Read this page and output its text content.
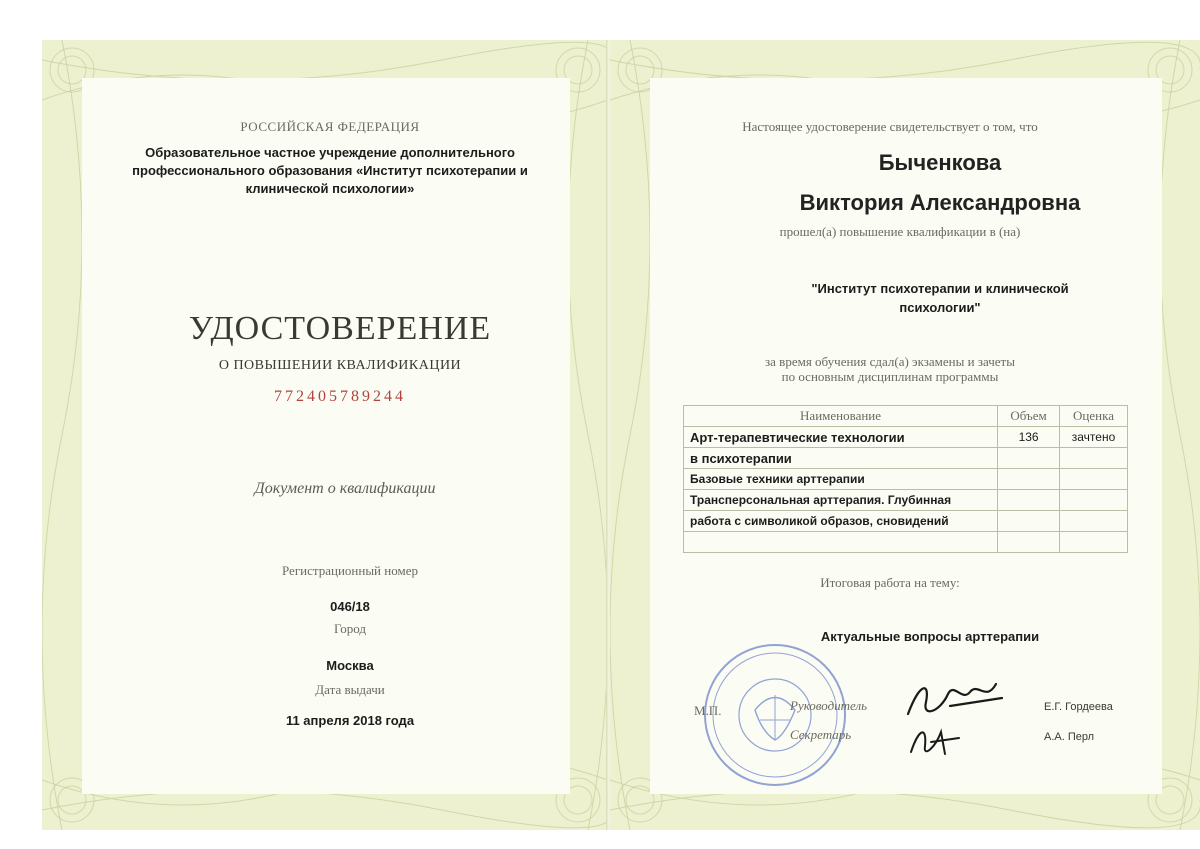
РОССИЙСКАЯ ФЕДЕРАЦИЯ
Образовательное частное учреждение дополнительного
профессионального образования «Институт психотерапии и
клинической психологии»
УДОСТОВЕРЕНИЕ
О ПОВЫШЕНИИ КВАЛИФИКАЦИИ
772405789244
Документ о квалификации
Регистрационный номер
046/18
Город
Москва
Дата выдачи
11 апреля 2018 года
Настоящее удостоверение свидетельствует о том, что
Быченкова
Виктория Александровна
прошел(а) повышение квалификации в (на)
"Институт психотерапии и клинической
психологии"
за время обучения сдал(а) экзамены и зачеты
по основным дисциплинам программы
Наименование	Объем	Оценка
Арт-терапевтические технологии	136	зачтено
в психотерапии		
Базовые техники арттерапии		
Трансперсональная арттерапия. Глубинная		
работа с символикой образов, сновидений		

Итоговая работа на тему:
Актуальные вопросы арттерапии
М.П.	Руководитель
Секретарь
Е.Г. Гордеева
А.А. Перл
